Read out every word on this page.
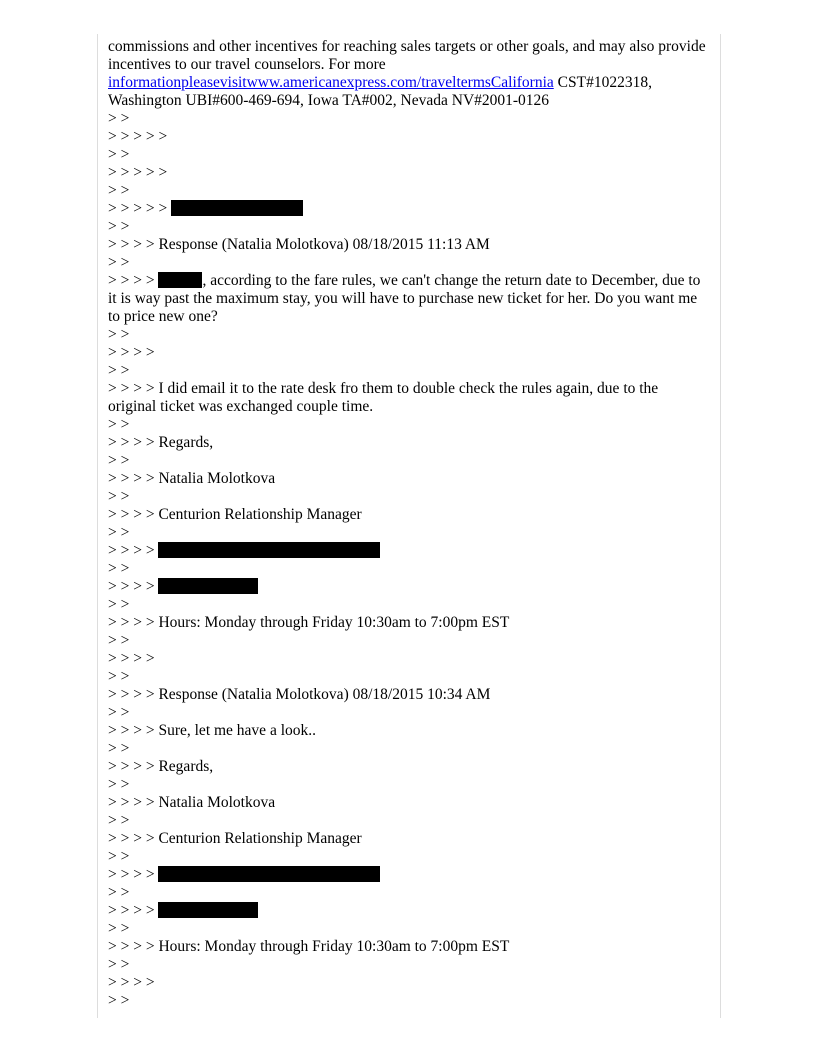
commissions and other incentives for reaching sales targets or other goals, and may also provide incentives to our travel counselors. For more informationpleasevisitwww.americanexpress.com/traveltermsCalifornia CST#1022318, Washington UBI#600-469-694, Iowa TA#002, Nevada NV#2001-0126
> >
> > > > >
> >
> > > > >
> >
> > > > >
> >
> > > > Response (Natalia Molotkova) 08/18/2015 11:13 AM
> >
> > > >	, according to the fare rules, we can't change the return date to December, due to it is way past the maximum stay, you will have to purchase new ticket for her. Do you want me to price new one?
> >
> > > >
> >
> > > > I did email it to the rate desk fro them to double check the rules again, due to the original ticket was exchanged couple time.
> >
> > > > Regards,
> >
> > > > Natalia Molotkova
> >
> > > > Centurion Relationship Manager
> >
> > > >
> >
> > > >
> >
> > > > Hours: Monday through Friday 10:30am to 7:00pm EST
> >
> > > >
> >
> > > > Response (Natalia Molotkova) 08/18/2015 10:34 AM
> >
> > > > Sure, let me have a look..
> >
> > > > Regards,
> >
> > > > Natalia Molotkova
> >
> > > > Centurion Relationship Manager
> >
> > > >
> >
> > > >
> >
> > > > Hours: Monday through Friday 10:30am to 7:00pm EST
> >
> > > >
> >
